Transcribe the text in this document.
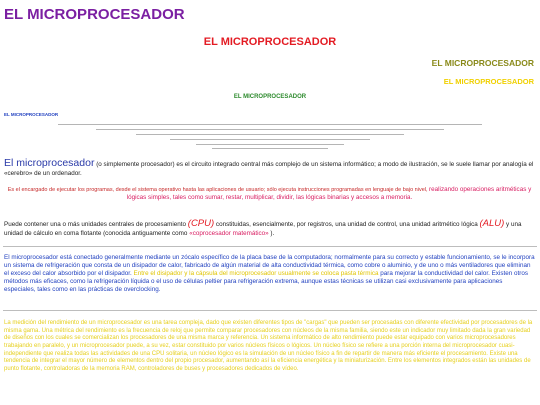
EL MICROPROCESADOR
EL MICROPROCESADOR
EL MICROPROCESADOR
EL MICROPROCESADOR
EL MICROPROCESADOR
EL MICROPROCESADOR

El microprocesador (o simplemente procesador) es el circuito integrado central más complejo de un sistema informático; a modo de ilustración, se le suele llamar por analogía el «cerebro» de un ordenador.

Es el encargado de ejecutar los programas, desde el sistema operativo hasta las aplicaciones de usuario; sólo ejecuta instrucciones programadas en lenguaje de bajo nivel, realizando operaciones aritméticas y lógicas simples, tales como sumar, restar, multiplicar, dividir, las lógicas binarias y accesos a memoria.

Puede contener una o más unidades centrales de procesamiento (CPU) constituidas, esencialmente, por registros, una unidad de control, una unidad aritmético lógica (ALU) y una unidad de cálculo en coma flotante (conocida antiguamente como «coprocesador matemático» ).

El microprocesador está conectado generalmente mediante un zócalo específico de la placa base de la computadora; normalmente para su correcto y estable funcionamiento, se le incorpora un sistema de refrigeración que consta de un disipador de calor, fabricado de algún material de alta conductividad térmica, como cobre o aluminio, y de uno o más ventiladores que eliminan el exceso del calor absorbido por el disipador. Entre el disipador y la cápsula del microprocesador usualmente se coloca pasta térmica para mejorar la conductividad del calor. Existen otros métodos más eficaces, como la refrigeración líquida o el uso de células peltier para refrigeración extrema, aunque estas técnicas se utilizan casi exclusivamente para aplicaciones especiales, tales como en las prácticas de overclocking.

La medición del rendimiento de un microprocesador es una tarea compleja, dado que existen diferentes tipos de "cargas" que pueden ser procesadas con diferente efectividad por procesadores de la misma gama. Una métrica del rendimiento es la frecuencia de reloj que permite comparar procesadores con núcleos de la misma familia, siendo este un indicador muy limitado dada la gran variedad de diseños con los cuales se comercializan los procesadores de una misma marca y referencia. Un sistema informático de alto rendimiento puede estar equipado con varios microprocesadores trabajando en paralelo, y un microprocesador puede, a su vez, estar constituido por varios núcleos físicos o lógicos. Un núcleo físico se refiere a una porción interna del microprocesador cuasi-independiente que realiza todas las actividades de una CPU solitaria, un núcleo lógico es la simulación de un núcleo físico a fin de repartir de manera más eficiente el procesamiento. Existe una tendencia de integrar el mayor número de elementos dentro del propio procesador, aumentando así la eficiencia energética y la miniaturización. Entre los elementos integrados están las unidades de punto flotante, controladoras de la memoria RAM, controladores de buses y procesadores dedicados de vídeo.
